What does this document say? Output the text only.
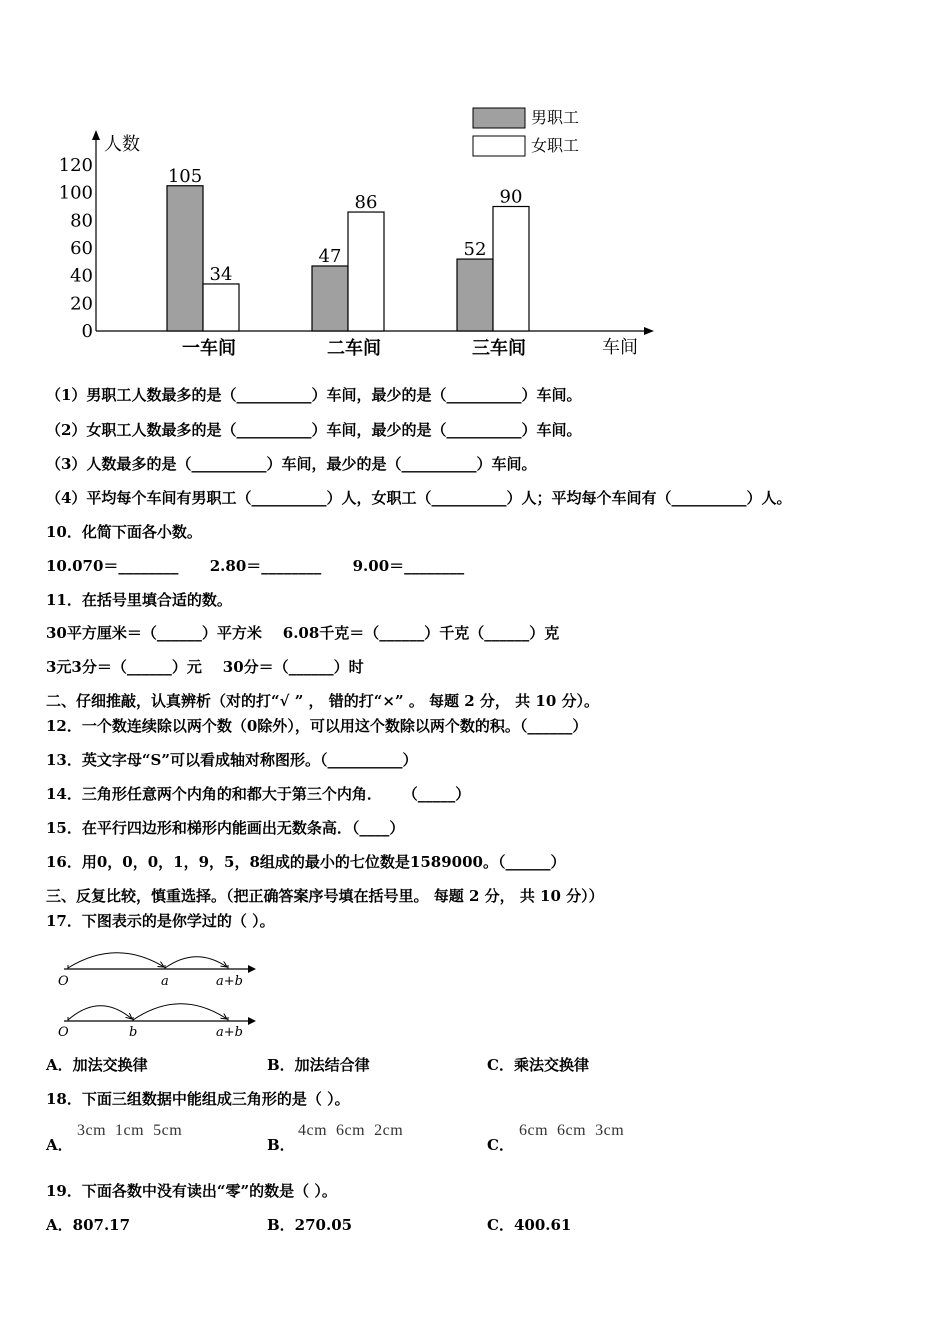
男职工
女职工
人数
车间
0
20
40
60
80
100
120
105
34
47
86
52
90
一车间	二车间	三车间
（1）男职工人数最多的是（__________）车间，最少的是（__________）车间。
（2）女职工人数最多的是（__________）车间，最少的是（__________）车间。
（3）人数最多的是（__________）车间，最少的是（__________）车间。
（4）平均每个车间有男职工（__________）人，女职工（__________）人；平均每个车间有（__________）人。
10．化简下面各小数。
10.070＝________      2.80＝________      9.00＝________
11．在括号里填合适的数。
30平方厘米＝（______）平方米    6.08千克＝（______）千克（______）克
3元3分＝（______）元    30分＝（______）时
二、仔细推敲，认真辨析（对的打“√ ” ， 错的打“×” 。 每题 2 分， 共 10 分）。
12．一个数连续除以两个数（0除外），可以用这个数除以两个数的积。（______）
13．英文字母“S”可以看成轴对称图形。（__________）
14．三角形任意两个内角的和都大于第三个内角．    （_____）
15．在平行四边形和梯形内能画出无数条高．（____）
16．用0，0，0，1，9，5，8组成的最小的七位数是1589000。（______）
三、反复比较，慎重选择。（把正确答案序号填在括号里。 每题 2 分， 共 10 分））
17．下图表示的是你学过的（ ）。
O	a	a+b
O	b	a+b
A．加法交换律	B．加法结合律	C．乘法交换律
18．下面三组数据中能组成三角形的是（ ）。
A．
3cm  1cm  5cm
B．
4cm  6cm  2cm
C．
6cm  6cm  3cm
19．下面各数中没有读出“零”的数是（ ）。
A．807.17	B．270.05	C．400.61
